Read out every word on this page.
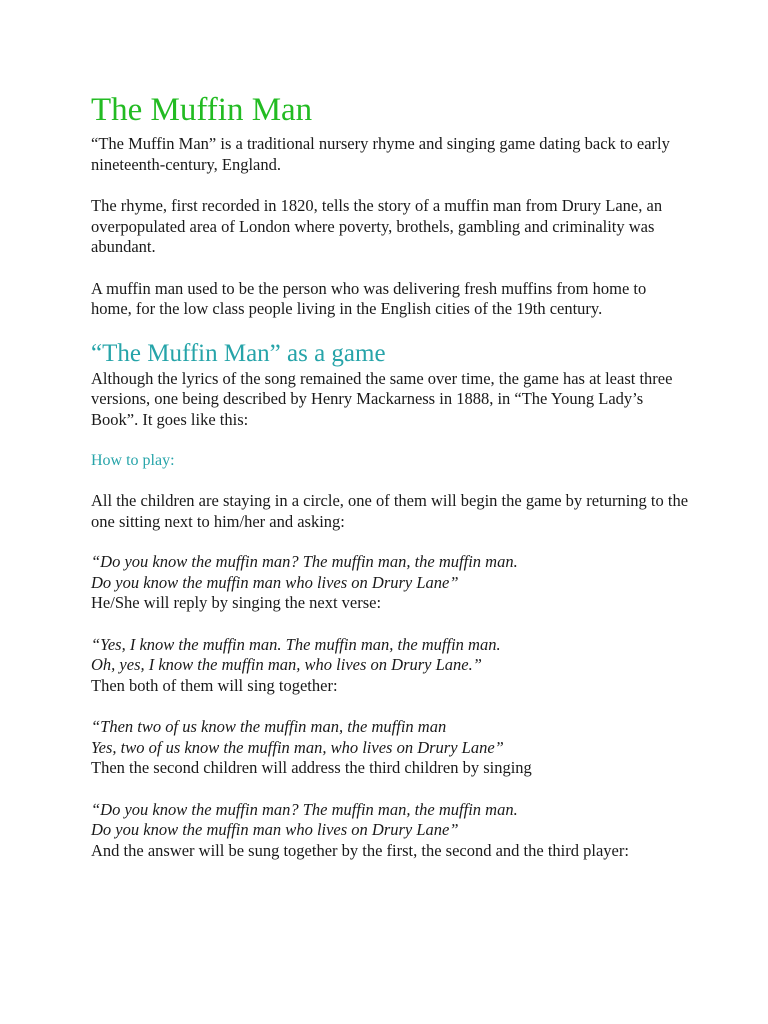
The Muffin Man

“The Muffin Man” is a traditional nursery rhyme and singing game dating back to early nineteenth-century, England.

The rhyme, first recorded in 1820, tells the story of a muffin man from Drury Lane, an overpopulated area of London where poverty, brothels, gambling and criminality was abundant.

A muffin man used to be the person who was delivering fresh muffins from home to home, for the low class people living in the English cities of the 19th century.

“The Muffin Man” as a game

Although the lyrics of the song remained the same over time, the game has at least three versions, one being described by Henry Mackarness in 1888, in “The Young Lady’s Book”. It goes like this:

How to play:

All the children are staying in a circle, one of them will begin the game by returning to the one sitting next to him/her and asking:

“Do you know the muffin man? The muffin man, the muffin man.

Do you know the muffin man who lives on Drury Lane”

He/She will reply by singing the next verse:

“Yes, I know the muffin man. The muffin man, the muffin man.

Oh, yes, I know the muffin man, who lives on Drury Lane.”

Then both of them will sing together:

“Then two of us know the muffin man, the muffin man

Yes, two of us know the muffin man, who lives on Drury Lane”

Then the second children will address the third children by singing

“Do you know the muffin man? The muffin man, the muffin man.

Do you know the muffin man who lives on Drury Lane”

And the answer will be sung together by the first, the second and the third player:
